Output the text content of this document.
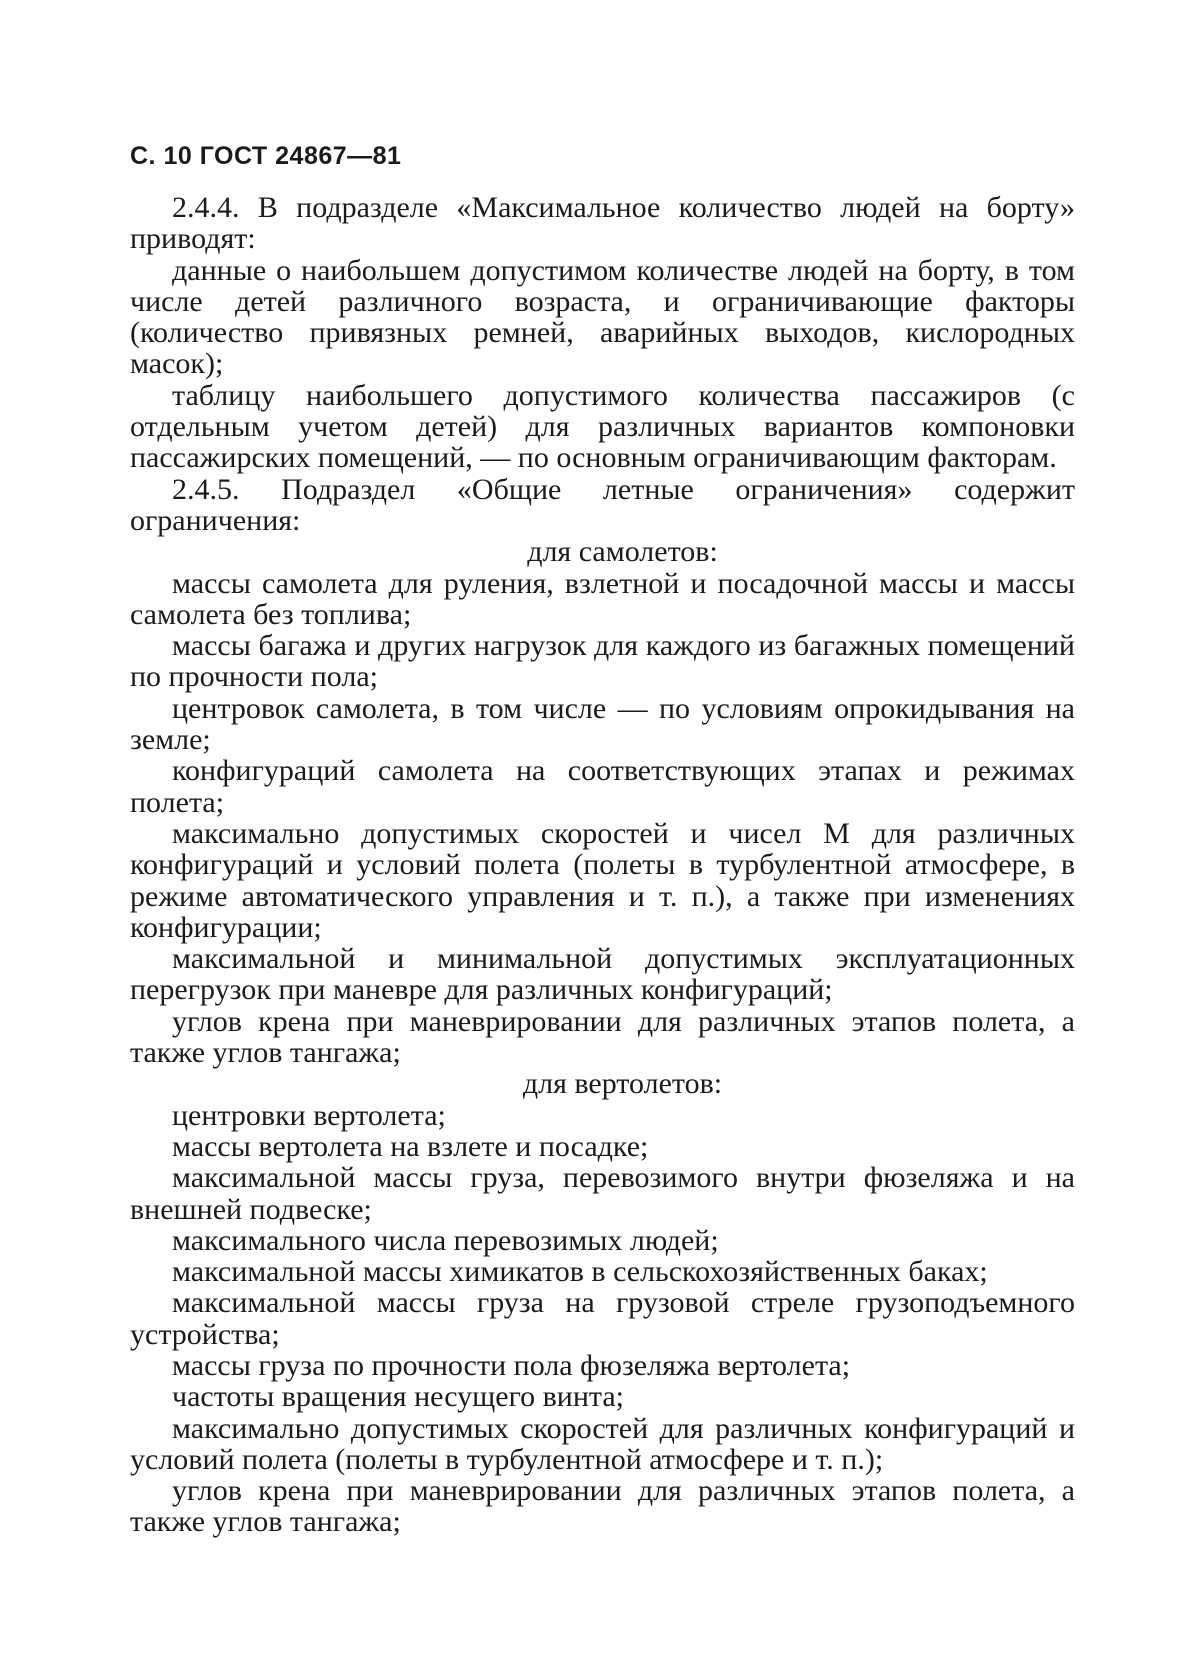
С. 10 ГОСТ 24867—81

2.4.4. В подразделе «Максимальное количество людей на борту» приводят:

данные о наибольшем допустимом количестве людей на борту, в том числе детей различного возраста, и ограничивающие факторы (количество привязных ремней, аварийных выходов, кислородных масок);

таблицу наибольшего допустимого количества пассажиров (с отдельным учетом детей) для различных вариантов компоновки пассажирских помещений, — по основным ограничивающим факторам.

2.4.5. Подраздел «Общие летные ограничения» содержит ограничения:

для самолетов:

массы самолета для руления, взлетной и посадочной массы и массы самолета без топлива;

массы багажа и других нагрузок для каждого из багажных помещений по прочности пола;

центровок самолета, в том числе — по условиям опрокидывания на земле;

конфигураций самолета на соответствующих этапах и режимах полета;

максимально допустимых скоростей и чисел M для различных конфигураций и условий полета (полеты в турбулентной атмосфере, в режиме автоматического управления и т. п.), а также при изменениях конфигурации;

максимальной и минимальной допустимых эксплуатационных перегрузок при маневре для различных конфигураций;

углов крена при маневрировании для различных этапов полета, а также углов тангажа;

для вертолетов:

центровки вертолета;

массы вертолета на взлете и посадке;

максимальной массы груза, перевозимого внутри фюзеляжа и на внешней подвеске;

максимального числа перевозимых людей;

максимальной массы химикатов в сельскохозяйственных баках;

максимальной массы груза на грузовой стреле грузоподъемного устройства;

массы груза по прочности пола фюзеляжа вертолета;

частоты вращения несущего винта;

максимально допустимых скоростей для различных конфигураций и условий полета (полеты в турбулентной атмосфере и т. п.);

углов крена при маневрировании для различных этапов полета, а также углов тангажа;
